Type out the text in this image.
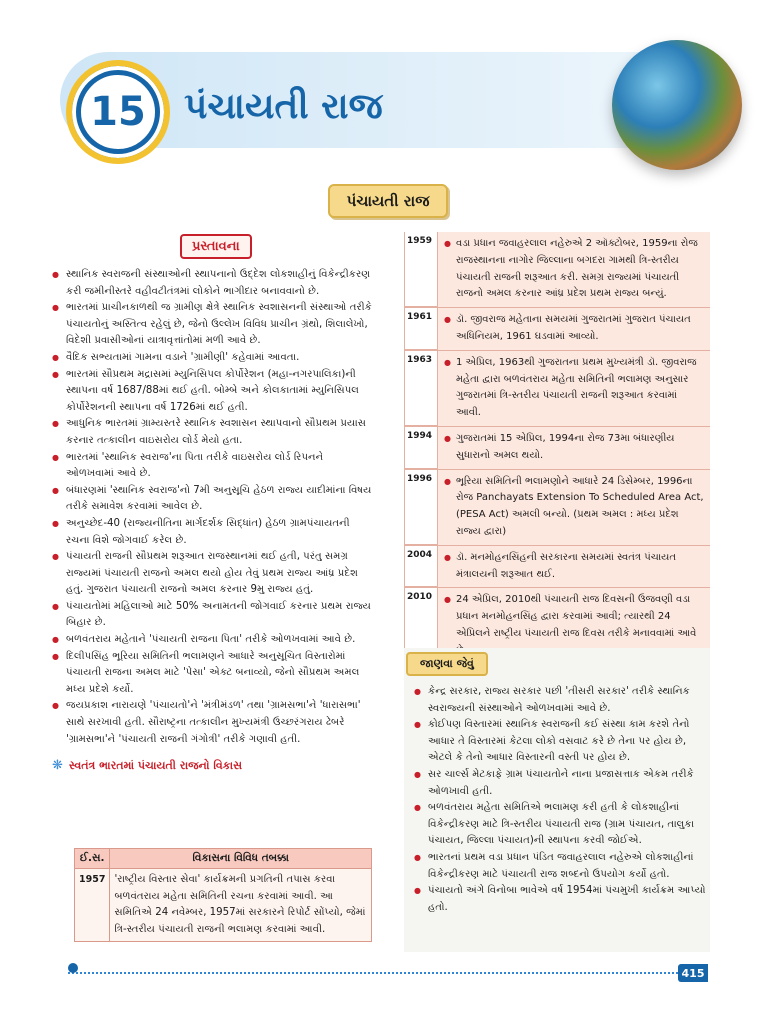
15	પંચાયતી રાજ
પંચાયતી રાજ
પ્રસ્તાવના
● સ્થાનિક સ્વરાજની સંસ્થાઓની સ્થાપનાનો ઉદ્દેશ લોકશાહીનું વિકેન્દ્રીકરણ કરી જમીનીસ્તરે વહીવટીતંત્રમાં લોકોને ભાગીદાર બનાવવાનો છે.
● ભારતમાં પ્રાચીનકાળથી જ ગ્રામીણ ક્ષેત્રે સ્થાનિક સ્વશાસનની સંસ્થાઓ તરીકે પંચાયતોનું અસ્તિત્વ રહેલું છે, જેનો ઉલ્લેખ વિવિધ પ્રાચીન ગ્રંથો, શિલાલેખો, વિદેશી પ્રવાસીઓનાં યાત્રાવૃત્તાંતોમાં મળી આવે છે.
● વૈદિક સભ્યતામાં ગામના વડાને 'ગ્રામીણી' કહેવામાં આવતા.
● ભારતમાં સૌપ્રથમ મદ્રાસમાં મ્યુનિસિપલ કોર્પોરેશન (મહા-નગરપાલિકા)ની સ્થાપના વર્ષ 1687/88માં થઈ હતી. બોમ્બે અને કોલકાતામાં મ્યુનિસિપલ કોર્પોરેશનની સ્થાપના વર્ષ 1726માં થઈ હતી.
● આધુનિક ભારતમાં ગ્રામ્યસ્તરે સ્થાનિક સ્વશાસન સ્થાપવાનો સૌપ્રથમ પ્રયાસ કરનાર તત્કાલીન વાઇસરોય લોર્ડ મેયો હતા.
● ભારતમાં 'સ્થાનિક સ્વરાજ'ના પિતા તરીકે વાઇસરોય લોર્ડ રિપનને ઓળખવામાં આવે છે.
● બંધારણમાં 'સ્થાનિક સ્વરાજ'નો 7મી અનુસૂચિ હેઠળ રાજ્ય યાદીમાંના વિષય તરીકે સમાવેશ કરવામાં આવેલ છે.
● અનુચ્છેદ-40 (રાજ્યનીતિના માર્ગદર્શક સિદ્ધાંત) હેઠળ ગ્રામપંચાયતની રચના વિશે જોગવાઈ કરેલ છે.
● પંચાયતી રાજની સૌપ્રથમ શરૂઆત રાજસ્થાનમાં થઈ હતી, પરંતુ સમગ્ર રાજ્યમાં પંચાયતી રાજનો અમલ થયો હોય તેવું પ્રથમ રાજ્ય આંધ્ર પ્રદેશ હતું. ગુજરાત પંચાયતી રાજનો અમલ કરનાર 9મુ રાજ્ય હતું.
● પંચાયતોમાં મહિલાઓ માટે 50% અનામતની જોગવાઈ કરનાર પ્રથમ રાજ્ય બિહાર છે.
● બળવંતરાય મહેતાને 'પંચાયતી રાજના પિતા' તરીકે ઓળખવામાં આવે છે.
● દિલીપસિંહ ભૂરિયા સમિતિની ભલામણને આધારે અનુસૂચિત વિસ્તારોમાં પંચાયતી રાજના અમલ માટે 'પેસા' એક્ટ બનાવ્યો, જેનો સૌપ્રથમ અમલ મધ્ય પ્રદેશે કર્યો.
● જયપ્રકાશ નારાયણે 'પંચાયતો'ને 'મંત્રીમંડળ' તથા 'ગ્રામસભા'ને 'ધારાસભા' સાથે સરખાવી હતી. સૌરાષ્ટ્રના તત્કાલીન મુખ્યમંત્રી ઉચ્છરંગરાય ઢેબરે 'ગ્રામસભા'ને 'પંચાયતી રાજની ગંગોત્રી' તરીકે ગણાવી હતી.
❋ સ્વતંત્ર ભારતમાં પંચાયતી રાજનો વિકાસ
ઈ.સ.	વિકાસના વિવિધ તબક્કા
1957	'રાષ્ટ્રીય વિસ્તાર સેવા' કાર્યક્રમની પ્રગતિની તપાસ કરવા બળવંતરાય મહેતા સમિતિની રચના કરવામાં આવી. આ સમિતિએ 24 નવેમ્બર, 1957માં સરકારને રિપોર્ટ સોંપ્યો, જેમાં ત્રિ-સ્તરીય પંચાયતી રાજની ભલામણ કરવામાં આવી.
1959	● વડા પ્રધાન જવાહરલાલ નહેરુએ 2 ઑક્ટોબર, 1959ના રોજ રાજસ્થાનના નાગોર જિલ્લાના બગદરા ગામથી ત્રિ-સ્તરીય પંચાયતી રાજની શરૂઆત કરી. સમગ્ર રાજ્યમાં પંચાયતી રાજનો અમલ કરનાર આંધ્ર પ્રદેશ પ્રથમ રાજ્ય બન્યું.
1961	● ડૉ. જીવરાજ મહેતાના સમયમાં ગુજરાતમાં ગુજરાત પંચાયત અધિનિયમ, 1961 ઘડવામાં આવ્યો.
1963	● 1 એપ્રિલ, 1963થી ગુજરાતના પ્રથમ મુખ્યમંત્રી ડૉ. જીવરાજ મહેતા દ્વારા બળવંતરાય મહેતા સમિતિની ભલામણ અનુસાર ગુજરાતમાં ત્રિ-સ્તરીય પંચાયતી રાજની શરૂઆત કરવામાં આવી.
1994	● ગુજરાતમાં 15 એપ્રિલ, 1994ના રોજ 73મા બંધારણીય સુધારાનો અમલ થયો.
1996	● ભૂરિયા સમિતિની ભલામણોને આધારે 24 ડિસેમ્બર, 1996ના રોજ Panchayats Extension To Scheduled Area Act, (PESA Act) અમલી બન્યો. (પ્રથમ અમલ : મધ્ય પ્રદેશ રાજ્ય દ્વારા)
2004	● ડૉ. મનમોહનસિંહની સરકારના સમયમાં સ્વતંત્ર પંચાયત મંત્રાલયની શરૂઆત થઈ.
2010	● 24 એપ્રિલ, 2010થી પંચાયતી રાજ દિવસની ઉજવણી વડા પ્રધાન મનમોહનસિંહ દ્વારા કરવામાં આવી; ત્યારથી 24 એપ્રિલને રાષ્ટ્રીય પંચાયતી રાજ દિવસ તરીકે મનાવવામાં આવે
જાણવા જેવું
● કેન્દ્ર સરકાર, રાજ્ય સરકાર પછી 'તીસરી સરકાર' તરીકે સ્થાનિક સ્વરાજ્યની સંસ્થાઓને ઓળખવામાં આવે છે.
● કોઈપણ વિસ્તારમાં સ્થાનિક સ્વરાજની કઈ સંસ્થા કામ કરશે તેનો આધાર તે વિસ્તારમાં કેટલા લોકો વસવાટ કરે છે તેના પર હોય છે, એટલે કે તેનો આધાર વિસ્તારની વસ્તી પર હોય છે.
● સર ચાર્લ્સ મેટકાફે ગ્રામ પંચાયતોને નાના પ્રજાસત્તાક એકમ તરીકે ઓળખાવી હતી.
● બળવંતરાય મહેતા સમિતિએ ભલામણ કરી હતી કે લોકશાહીનાં વિકેન્દ્રીકરણ માટે ત્રિ-સ્તરીય પંચાયતી રાજ (ગ્રામ પંચાયત, તાલુકા પંચાયત, જિલ્લા પંચાયત)ની સ્થાપના કરવી જોઈએ.
● ભારતનાં પ્રથમ વડા પ્રધાન પંડિત જવાહરલાલ નહેરુએ લોકશાહીનાં વિકેન્દ્રીકરણ માટે પંચાયતી રાજ શબ્દનો ઉપયોગ કર્યો હતો.
● પંચાયતો અંગે વિનોબા ભાવેએ વર્ષ 1954માં પંચમુખી કાર્યક્રમ આપ્યો હતો.
415
